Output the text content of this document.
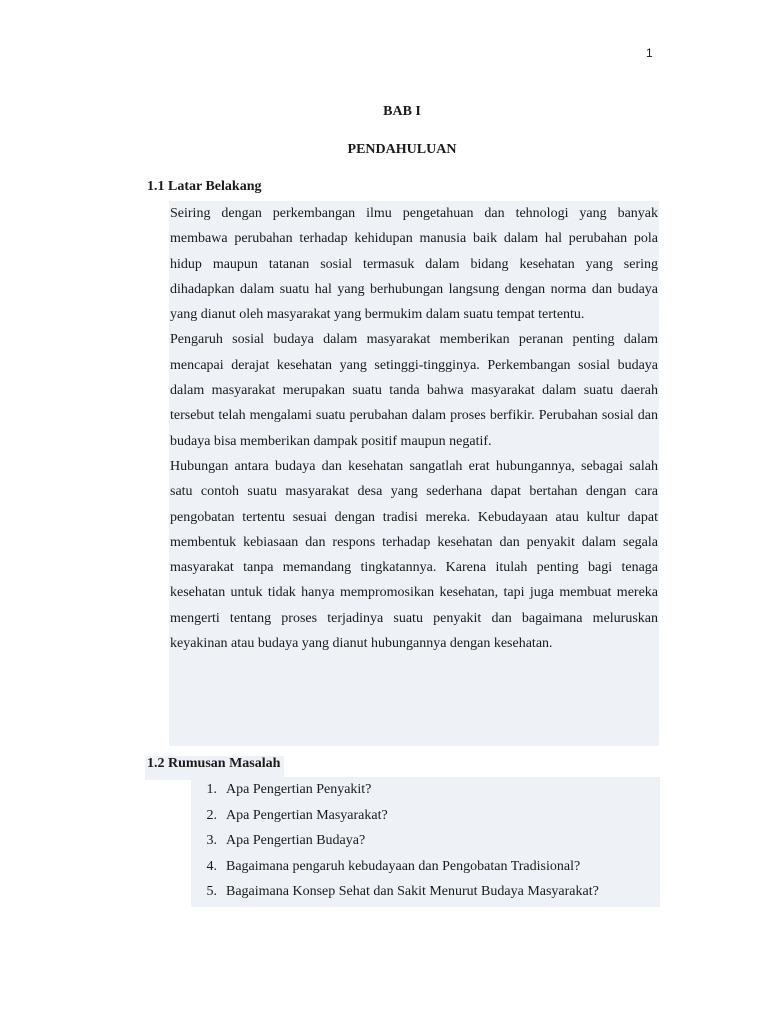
1
BAB I
PENDAHULUAN
1.1 Latar Belakang

Seiring dengan perkembangan ilmu pengetahuan dan tehnologi yang banyak membawa perubahan terhadap kehidupan manusia baik dalam hal perubahan pola hidup maupun tatanan sosial termasuk dalam bidang kesehatan yang sering dihadapkan dalam suatu hal yang berhubungan langsung dengan norma dan budaya yang dianut oleh masyarakat yang bermukim dalam suatu tempat tertentu.

Pengaruh sosial budaya dalam masyarakat memberikan peranan penting dalam mencapai derajat kesehatan yang setinggi-tingginya. Perkembangan sosial budaya dalam masyarakat merupakan suatu tanda bahwa masyarakat dalam suatu daerah tersebut telah mengalami suatu perubahan dalam proses berfikir. Perubahan sosial dan budaya bisa memberikan dampak positif maupun negatif.

Hubungan antara budaya dan kesehatan sangatlah erat hubungannya, sebagai salah satu contoh suatu masyarakat desa yang sederhana dapat bertahan dengan cara pengobatan tertentu sesuai dengan tradisi mereka. Kebudayaan atau kultur dapat membentuk kebiasaan dan respons terhadap kesehatan dan penyakit dalam segala masyarakat tanpa memandang tingkatannya. Karena itulah penting bagi tenaga kesehatan untuk tidak hanya mempromosikan kesehatan, tapi juga membuat mereka mengerti tentang proses terjadinya suatu penyakit dan bagaimana meluruskan keyakinan atau budaya yang dianut hubungannya dengan kesehatan.

1.2 Rumusan Masalah
1. Apa Pengertian Penyakit?
2. Apa Pengertian Masyarakat?
3. Apa Pengertian Budaya?
4. Bagaimana pengaruh kebudayaan dan Pengobatan Tradisional?
5. Bagaimana Konsep Sehat dan Sakit Menurut Budaya Masyarakat?
